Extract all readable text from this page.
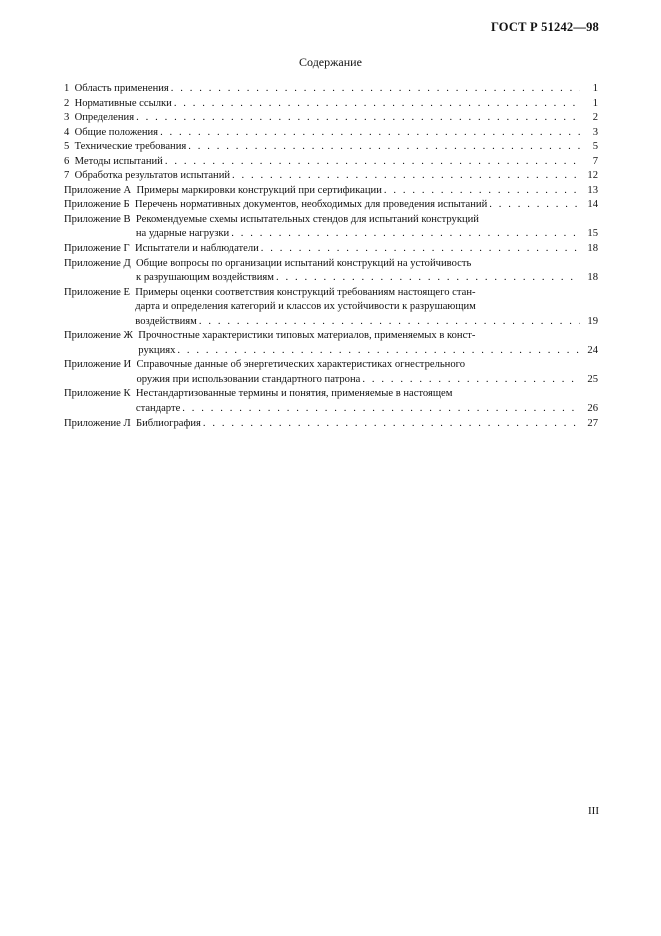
ГОСТ Р 51242—98
Содержание
1 Область применения . . .	1
2 Нормативные ссылки . . .	1
3 Определения . . .	2
4 Общие положения . . .	3
5 Технические требования . . .	5
6 Методы испытаний . . .	7
7 Обработка результатов испытаний . . .	12
Приложение А Примеры маркировки конструкций при сертификации . . .	13
Приложение Б Перечень нормативных документов, необходимых для проведения испытаний . . .	14
Приложение В Рекомендуемые схемы испытательных стендов для испытаний конструкций
на ударные нагрузки . . .	15
Приложение Г Испытатели и наблюдатели . . .	18
Приложение Д Общие вопросы по организации испытаний конструкций на устойчивость
к разрушающим воздействиям . . .	18
Приложение Е Примеры оценки соответствия конструкций требованиям настоящего стан-
дарта и определения категорий и классов их устойчивости к разрушающим
воздействиям . . .	19
Приложение Ж Прочностные характеристики типовых материалов, применяемых в конст-
рукциях . . .	24
Приложение И Справочные данные об энергетических характеристиках огнестрельного
оружия при использовании стандартного патрона . . .	25
Приложение К Нестандартизованные термины и понятия, применяемые в настоящем
стандарте . . .	26
Приложение Л Библиография . . .	27
III
